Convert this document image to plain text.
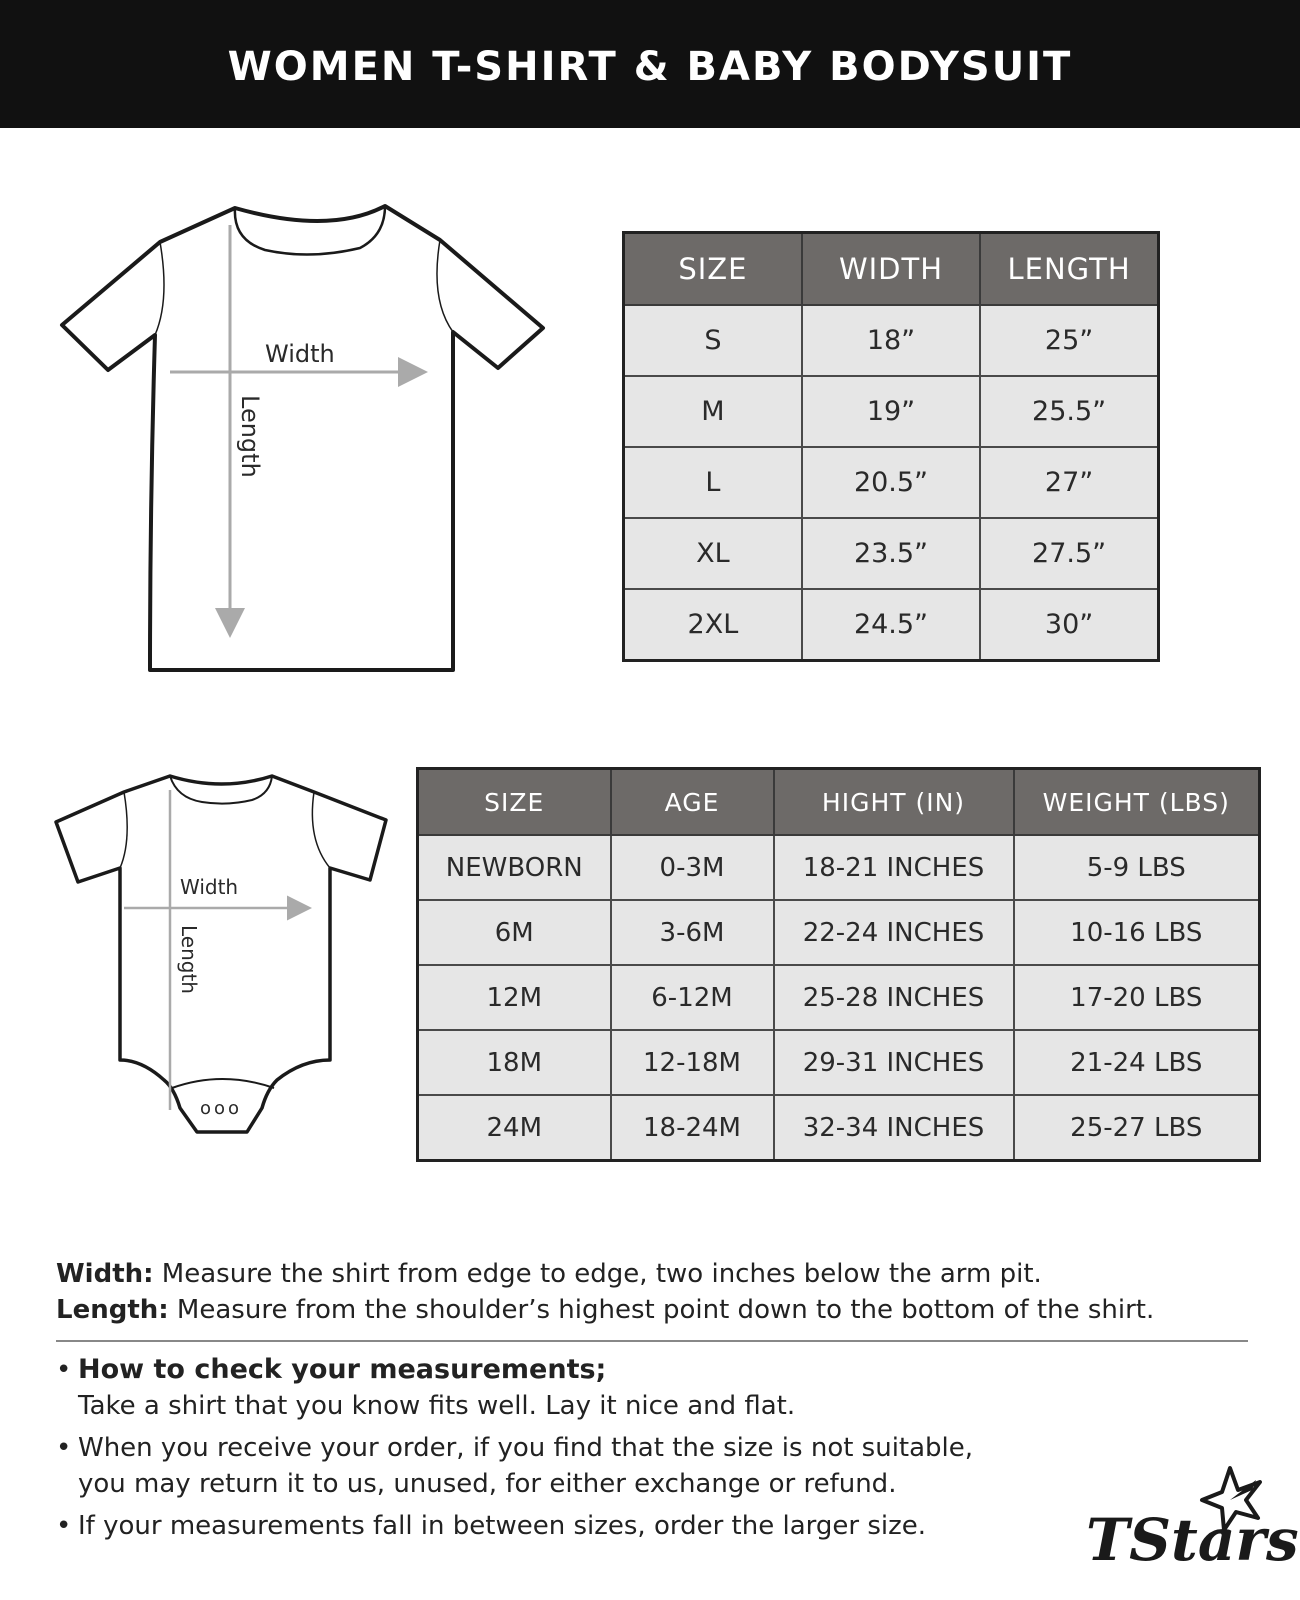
WOMEN T-SHIRT & BABY BODYSUIT
Width
Length
SIZE	WIDTH	LENGTH
S	18”	25”
M	19”	25.5”
L	20.5”	27”
XL	23.5”	27.5”
2XL	24.5”	30”
Width
Length
ooo
SIZE	AGE	HIGHT (IN)	WEIGHT (LBS)
NEWBORN	0-3M	18-21 INCHES	5-9 LBS
6M	3-6M	22-24 INCHES	10-16 LBS
12M	6-12M	25-28 INCHES	17-20 LBS
18M	12-18M	29-31 INCHES	21-24 LBS
24M	18-24M	32-34 INCHES	25-27 LBS
Width: Measure the shirt from edge to edge, two inches below the arm pit.
Length: Measure from the shoulder’s highest point down to the bottom of the shirt.
• How to check your measurements;
Take a shirt that you know fits well. Lay it nice and flat.
• When you receive your order, if you find that the size is not suitable,
you may return it to us, unused, for either exchange or refund.
• If your measurements fall in between sizes, order the larger size.	TStars
